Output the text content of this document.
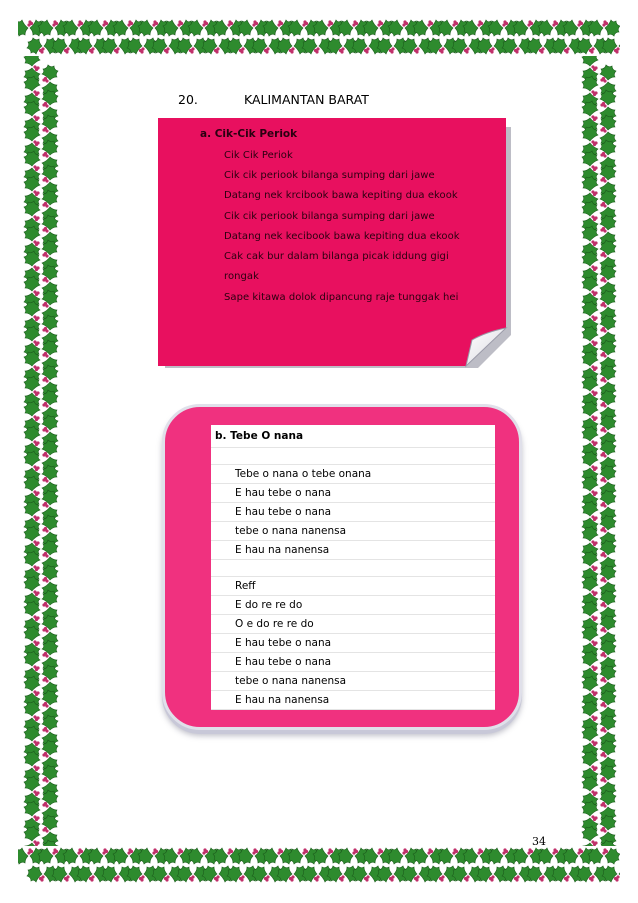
20.	KALIMANTAN BARAT
a. Cik-Cik Periok
Cik Cik Periok
Cik cik periook bilanga sumping dari jawe
Datang nek krcibook bawa kepiting dua ekook
Cik cik periook bilanga sumping dari jawe
Datang nek kecibook bawa kepiting dua ekook
Cak cak bur dalam bilanga picak iddung gigi
rongak
Sape kitawa dolok dipancung raje tunggak hei
b. Tebe O nana
Tebe o nana o tebe onana
E hau tebe o nana
E hau tebe o nana
tebe o nana nanensa
E hau na nanensa
Reff
E do re re do
O e do re re do
E hau tebe o nana
E hau tebe o nana
tebe o nana nanensa
E hau na nanensa
34
